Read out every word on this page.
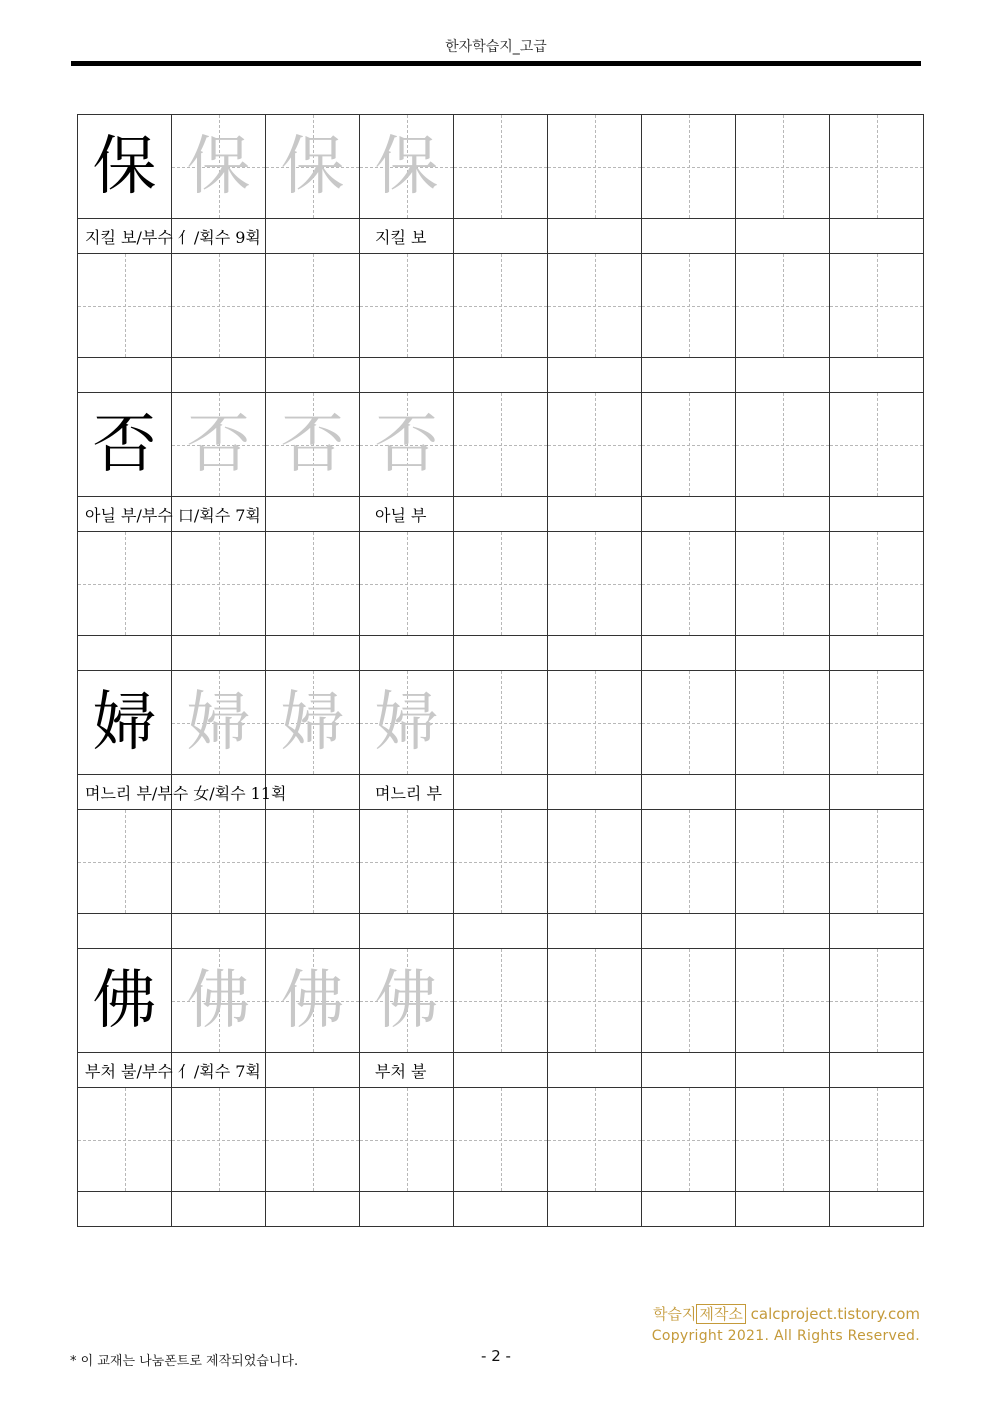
한자학습지_고급
保	保	保	保					

지킬 보/부수 亻/획수 9획			지킬 보					

否	否	否	否					

아닐 부/부수 口/획수 7획			아닐 부					

婦	婦	婦	婦					

며느리 부/부수 女/획수 11획			며느리 부					

佛	佛	佛	佛					

부처 불/부수 亻/획수 7획			부처 불					

학습지 제작소 calcproject.tistory.com
Copyright 2021. All Rights Reserved.
* 이 교재는 나눔폰트로 제작되었습니다.	- 2 -
